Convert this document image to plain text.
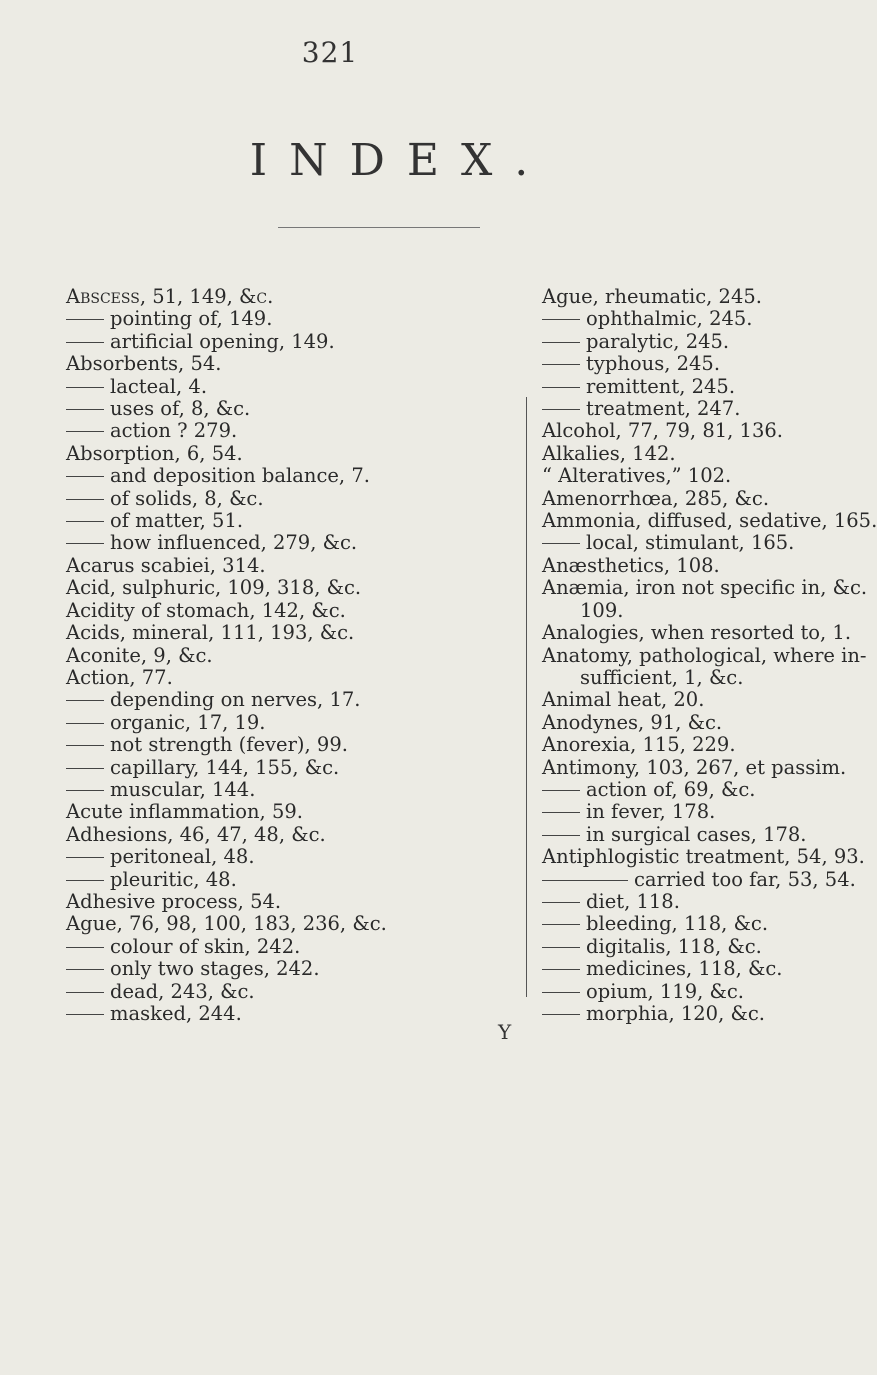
321
INDEX.
Abscess, 51, 149, &c.
pointing of, 149.
artificial opening, 149.
Absorbents, 54.
lacteal, 4.
uses of, 8, &c.
action ? 279.
Absorption, 6, 54.
and deposition balance, 7.
of solids, 8, &c.
of matter, 51.
how influenced, 279, &c.
Acarus scabiei, 314.
Acid, sulphuric, 109, 318, &c.
Acidity of stomach, 142, &c.
Acids, mineral, 111, 193, &c.
Aconite, 9, &c.
Action, 77.
depending on nerves, 17.
organic, 17, 19.
not strength (fever), 99.
capillary, 144, 155, &c.
muscular, 144.
Acute inflammation, 59.
Adhesions, 46, 47, 48, &c.
peritoneal, 48.
pleuritic, 48.
Adhesive process, 54.
Ague, 76, 98, 100, 183, 236, &c.
colour of skin, 242.
only two stages, 242.
dead, 243, &c.
masked, 244.
Ague, rheumatic, 245.
ophthalmic, 245.
paralytic, 245.
typhous, 245.
remittent, 245.
treatment, 247.
Alcohol, 77, 79, 81, 136.
Alkalies, 142.
“ Alteratives,” 102.
Amenorrhœa, 285, &c.
Ammonia, diffused, sedative, 165.
local, stimulant, 165.
Anæsthetics, 108.
Anæmia, iron not specific in, &c.
109.
Analogies, when resorted to, 1.
Anatomy, pathological, where in-
sufficient, 1, &c.
Animal heat, 20.
Anodynes, 91, &c.
Anorexia, 115, 229.
Antimony, 103, 267, et passim.
action of, 69, &c.
in fever, 178.
in surgical cases, 178.
Antiphlogistic treatment, 54, 93.
carried too far, 53, 54.
diet, 118.
bleeding, 118, &c.
digitalis, 118, &c.
medicines, 118, &c.
opium, 119, &c.
morphia, 120, &c.
Y
